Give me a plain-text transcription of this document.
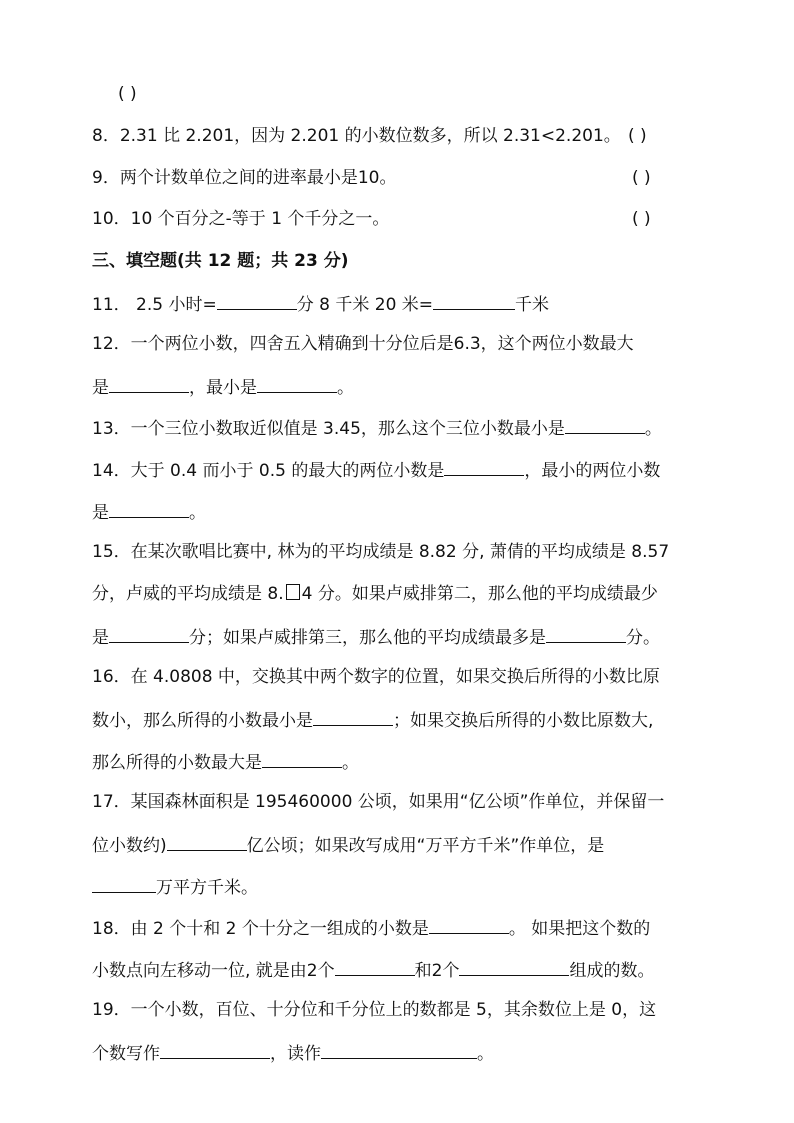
( )
8．2.31 比 2.201，因为 2.201 的小数位数多，所以 2.31<2.201。 ( )
9．两个计数单位之间的进率最小是10。	( )
10．10 个百分之-等于 1 个千分之一。	( )
三、填空题(共 12 题；共 23 分)
11． 2.5 小时=	分 8 千米 20 米=	千米
12．一个两位小数，四舍五入精确到十分位后是6.3，这个两位小数最大
是	，最小是	。
13．一个三位小数取近似值是 3.45，那么这个三位小数最小是	。
14．大于 0.4 而小于 0.5 的最大的两位小数是	，最小的两位小数
是	。
15．在某次歌唱比赛中, 林为的平均成绩是 8.82 分, 萧倩的平均成绩是 8.57
分，卢威的平均成绩是 8. 4 分。如果卢威排第二，那么他的平均成绩最少
是	分；如果卢威排第三，那么他的平均成绩最多是	分。
16．在 4.0808 中，交换其中两个数字的位置，如果交换后所得的小数比原
数小，那么所得的小数最小是	；如果交换后所得的小数比原数大,
那么所得的小数最大是	。
17．某国森林面积是 195460000 公顷，如果用“亿公顷”作单位，并保留一
位小数约)	亿公顷；如果改写成用“万平方千米”作单位，是
万平方千米。
18．由 2 个十和 2 个十分之一组成的小数是	。 如果把这个数的
小数点向左移动一位, 就是由2个	和2个	组成的数。
19．一个小数，百位、十分位和千分位上的数都是 5，其余数位上是 0，这
个数写作	，读作	。
